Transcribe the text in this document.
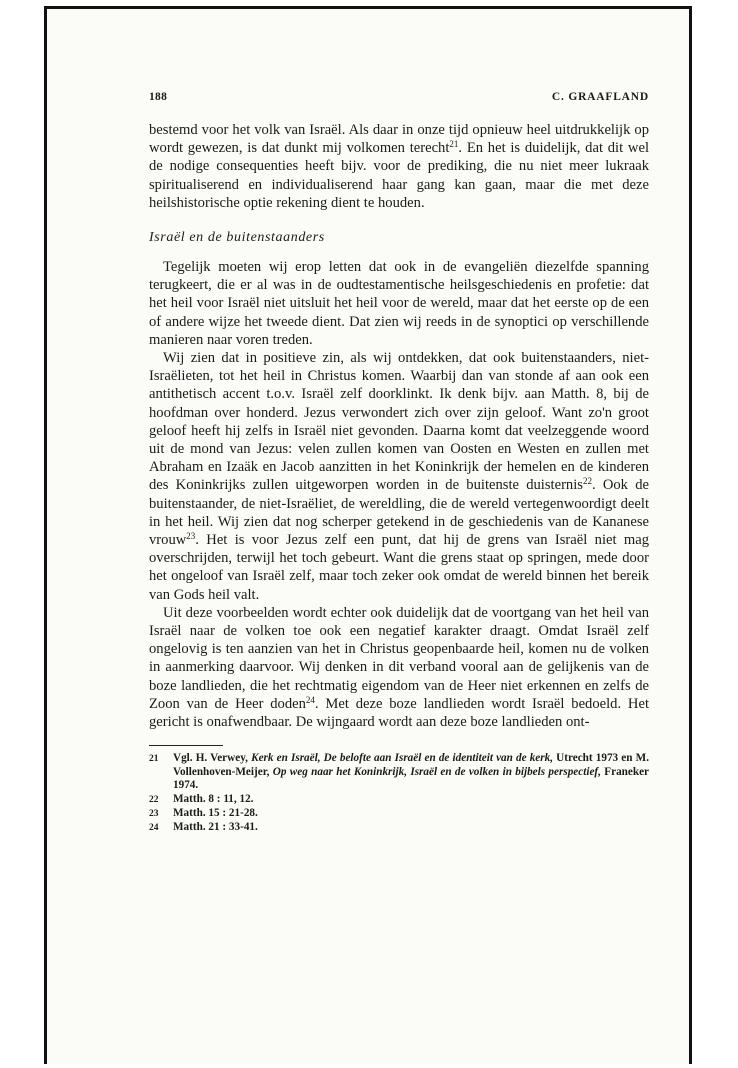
188	C. GRAAFLAND

bestemd voor het volk van Israël. Als daar in onze tijd opnieuw heel uitdrukkelijk op wordt gewezen, is dat dunkt mij volkomen terecht$^{21}$. En het is duidelijk, dat dit wel de nodige consequenties heeft bijv. voor de prediking, die nu niet meer lukraak spiritualiserend en individualiserend haar gang kan gaan, maar die met deze heilshistorische optie rekening dient te houden.

Israël en de buitenstaanders

Tegelijk moeten wij erop letten dat ook in de evangeliën diezelfde spanning terugkeert, die er al was in de oudtestamentische heilsgeschiedenis en profetie: dat het heil voor Israël niet uitsluit het heil voor de wereld, maar dat het eerste op de een of andere wijze het tweede dient. Dat zien wij reeds in de synoptici op verschillende manieren naar voren treden.

Wij zien dat in positieve zin, als wij ontdekken, dat ook buitenstaanders, niet-Israëlieten, tot het heil in Christus komen. Waarbij dan van stonde af aan ook een antithetisch accent t.o.v. Israël zelf doorklinkt. Ik denk bijv. aan Matth. 8, bij de hoofdman over honderd. Jezus verwondert zich over zijn geloof. Want zo'n groot geloof heeft hij zelfs in Israël niet gevonden. Daarna komt dat veelzeggende woord uit de mond van Jezus: velen zullen komen van Oosten en Westen en zullen met Abraham en Izaäk en Jacob aanzitten in het Koninkrijk der hemelen en de kinderen des Koninkrijks zullen uitgeworpen worden in de buitenste duisternis$^{22}$. Ook de buitenstaander, de niet-Israëliet, de wereldling, die de wereld vertegenwoordigt deelt in het heil. Wij zien dat nog scherper getekend in de geschiedenis van de Kananese vrouw$^{23}$. Het is voor Jezus zelf een punt, dat hij de grens van Israël niet mag overschrijden, terwijl het toch gebeurt. Want die grens staat op springen, mede door het ongeloof van Israël zelf, maar toch zeker ook omdat de wereld binnen het bereik van Gods heil valt.

Uit deze voorbeelden wordt echter ook duidelijk dat de voortgang van het heil van Israël naar de volken toe ook een negatief karakter draagt. Omdat Israël zelf ongelovig is ten aanzien van het in Christus geopenbaarde heil, komen nu de volken in aanmerking daarvoor. Wij denken in dit verband vooral aan de gelijkenis van de boze landlieden, die het rechtmatig eigendom van de Heer niet erkennen en zelfs de Zoon van de Heer doden$^{24}$. Met deze boze landlieden wordt Israël bedoeld. Het gericht is onafwendbaar. De wijngaard wordt aan deze boze landlieden ont-

21	Vgl. H. Verwey, Kerk en Israël, De belofte aan Israël en de identiteit van de kerk, Utrecht 1973 en M. Vollenhoven-Meijer, Op weg naar het Koninkrijk, Israël en de volken in bijbels perspectief, Franeker 1974.
22	Matth. 8 : 11, 12.
23	Matth. 15 : 21-28.
24	Matth. 21 : 33-41.
